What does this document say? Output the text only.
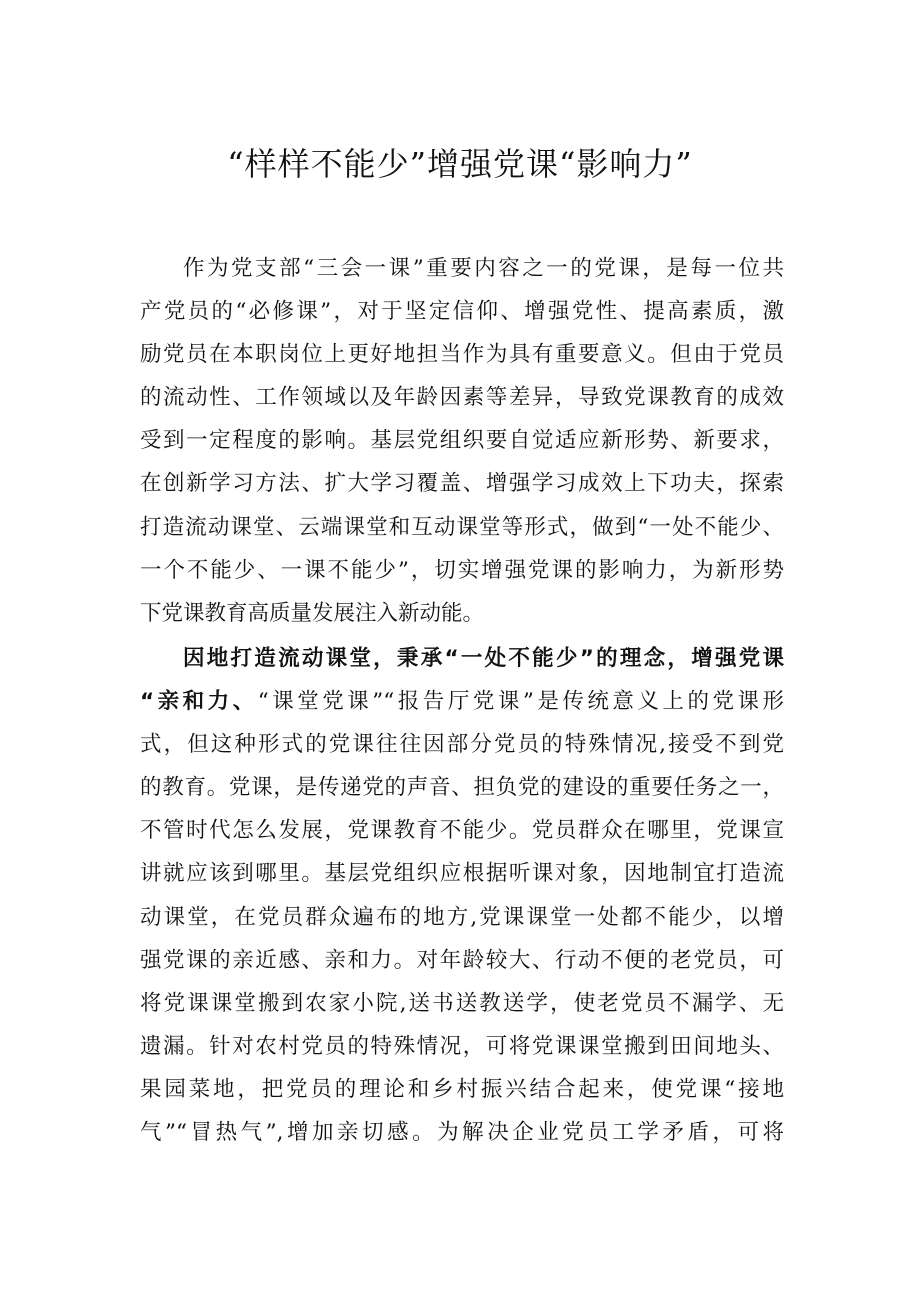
“样样不能少”增强党课“影响力”
作为党支部“三会一课”重要内容之一的党课，是每一位共
产党员的“必修课”，对于坚定信仰、增强党性、提高素质，激
励党员在本职岗位上更好地担当作为具有重要意义。但由于党员
的流动性、工作领域以及年龄因素等差异，导致党课教育的成效
受到一定程度的影响。基层党组织要自觉适应新形势、新要求，
在创新学习方法、扩大学习覆盖、增强学习成效上下功夫，探索
打造流动课堂、云端课堂和互动课堂等形式，做到“一处不能少、
一个不能少、一课不能少”，切实增强党课的影响力，为新形势
下党课教育高质量发展注入新动能。
因地打造流动课堂，秉承“一处不能少”的理念，增强党课
“亲和力、“课堂党课”“报告厅党课”是传统意义上的党课形
式，但这种形式的党课往往因部分党员的特殊情况,接受不到党
的教育。党课，是传递党的声音、担负党的建设的重要任务之一，
不管时代怎么发展，党课教育不能少。党员群众在哪里，党课宣
讲就应该到哪里。基层党组织应根据听课对象，因地制宜打造流
动课堂，在党员群众遍布的地方,党课课堂一处都不能少，以增
强党课的亲近感、亲和力。对年龄较大、行动不便的老党员，可
将党课课堂搬到农家小院,送书送教送学，使老党员不漏学、无
遗漏。针对农村党员的特殊情况，可将党课课堂搬到田间地头、
果园菜地，把党员的理论和乡村振兴结合起来，使党课“接地
气”“冒热气”,增加亲切感。为解决企业党员工学矛盾，可将
